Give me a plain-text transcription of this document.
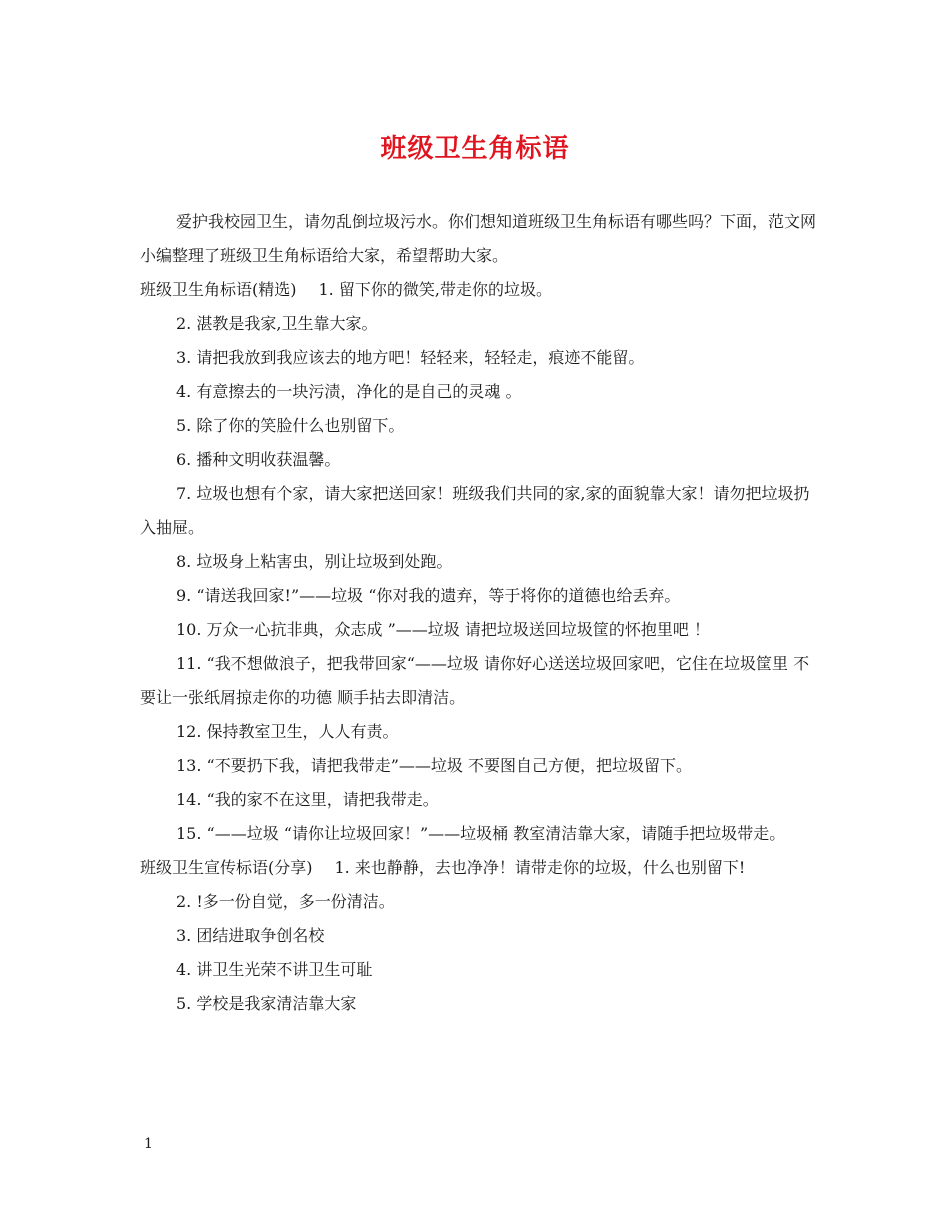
班级卫生角标语

爱护我校园卫生，请勿乱倒垃圾污水。你们想知道班级卫生角标语有哪些吗？下面，范文网小编整理了班级卫生角标语给大家，希望帮助大家。

班级卫生角标语(精选) 1. 留下你的微笑,带走你的垃圾。

2. 湛教是我家,卫生靠大家。

3. 请把我放到我应该去的地方吧！轻轻来，轻轻走，痕迹不能留。

4. 有意擦去的一块污渍，净化的是自己的灵魂 。

5. 除了你的笑脸什么也别留下。

6. 播种文明收获温馨。

7. 垃圾也想有个家，请大家把送回家！班级我们共同的家,家的面貌靠大家！请勿把垃圾扔入抽屉。

8. 垃圾身上粘害虫，别让垃圾到处跑。

9. “请送我回家!”——垃圾 “你对我的遗弃，等于将你的道德也给丢弃。

10. 万众一心抗非典，众志成 ”——垃圾 请把垃圾送回垃圾筐的怀抱里吧 ！

11. “我不想做浪子，把我带回家“——垃圾 请你好心送送垃圾回家吧，它住在垃圾筐里 不要让一张纸屑掠走你的功德 顺手拈去即清洁。

12. 保持教室卫生，人人有责。

13. “不要扔下我，请把我带走”——垃圾 不要图自己方便，把垃圾留下。

14. “我的家不在这里，请把我带走。

15. “——垃圾 “请你让垃圾回家！”——垃圾桶 教室清洁靠大家，请随手把垃圾带走。

班级卫生宣传标语(分享) 1. 来也静静，去也净净！请带走你的垃圾，什么也别留下!

2. !多一份自觉，多一份清洁。

3. 团结进取争创名校

4. 讲卫生光荣不讲卫生可耻

5. 学校是我家清洁靠大家

1
